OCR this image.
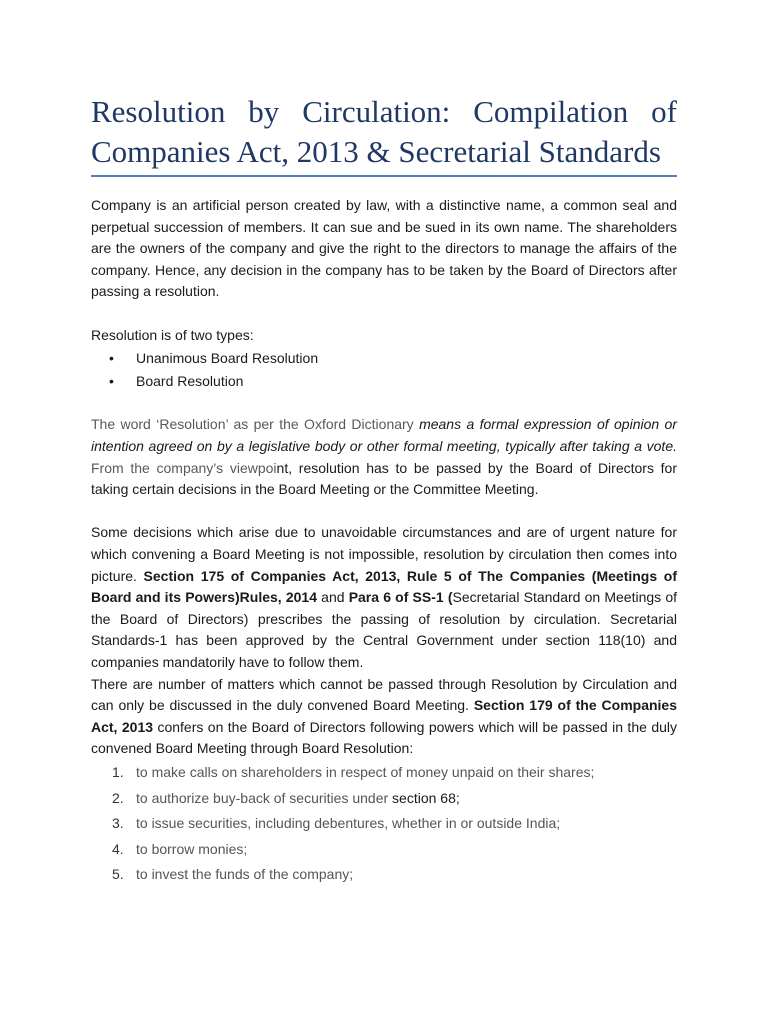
Resolution by Circulation: Compilation of Companies Act, 2013 & Secretarial Standards

Company is an artificial person created by law, with a distinctive name, a common seal and perpetual succession of members. It can sue and be sued in its own name. The shareholders are the owners of the company and give the right to the directors to manage the affairs of the company. Hence, any decision in the company has to be taken by the Board of Directors after passing a resolution.

Resolution is of two types:

• Unanimous Board Resolution
• Board Resolution

The word ‘Resolution’ as per the Oxford Dictionary means a formal expression of opinion or intention agreed on by a legislative body or other formal meeting, typically after taking a vote. From the company’s viewpoint, resolution has to be passed by the Board of Directors for taking certain decisions in the Board Meeting or the Committee Meeting.

Some decisions which arise due to unavoidable circumstances and are of urgent nature for which convening a Board Meeting is not impossible, resolution by circulation then comes into picture. Section 175 of Companies Act, 2013, Rule 5 of The Companies (Meetings of Board and its Powers)Rules, 2014 and Para 6 of SS-1 (Secretarial Standard on Meetings of the Board of Directors) prescribes the passing of resolution by circulation. Secretarial Standards-1 has been approved by the Central Government under section 118(10) and companies mandatorily have to follow them.

There are number of matters which cannot be passed through Resolution by Circulation and can only be discussed in the duly convened Board Meeting. Section 179 of the Companies Act, 2013 confers on the Board of Directors following powers which will be passed in the duly convened Board Meeting through Board Resolution:

1. to make calls on shareholders in respect of money unpaid on their shares;
2. to authorize buy-back of securities under section 68;
3. to issue securities, including debentures, whether in or outside India;
4. to borrow monies;
5. to invest the funds of the company;
